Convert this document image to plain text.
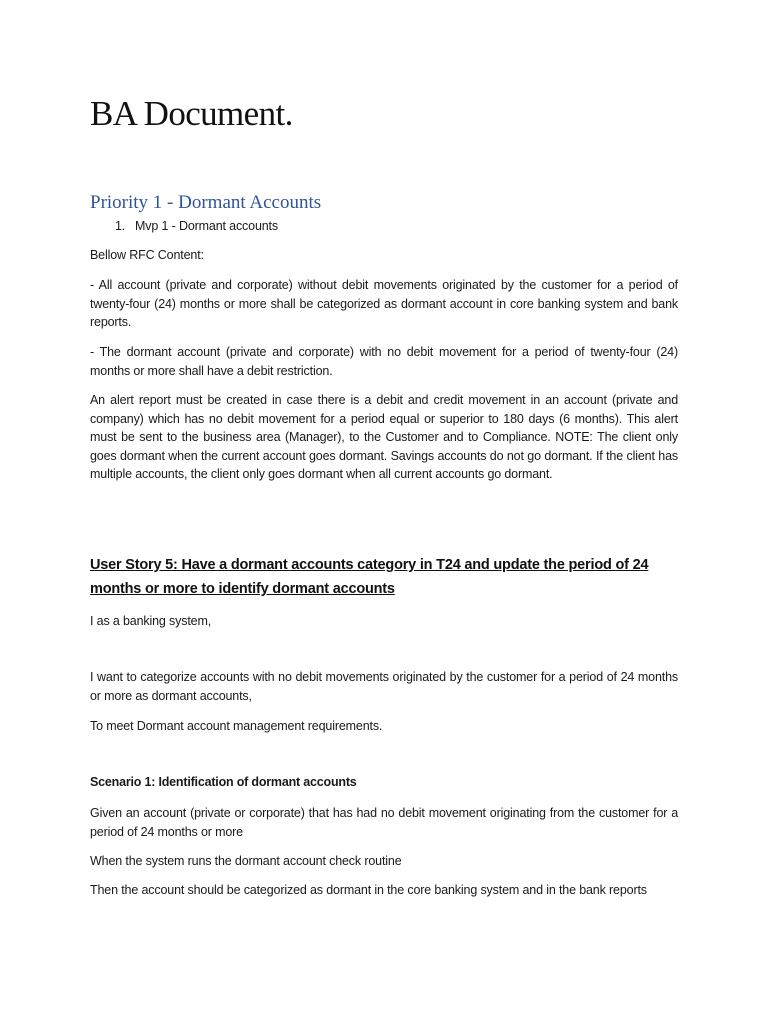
BA Document.
Priority 1 - Dormant Accounts
1. Mvp 1 - Dormant accounts

Bellow RFC Content:

- All account (private and corporate) without debit movements originated by the customer for a period of twenty-four (24) months or more shall be categorized as dormant account in core banking system and bank reports.

- The dormant account (private and corporate) with no debit movement for a period of twenty-four (24) months or more shall have a debit restriction.

An alert report must be created in case there is a debit and credit movement in an account (private and company) which has no debit movement for a period equal or superior to 180 days (6 months). This alert must be sent to the business area (Manager), to the Customer and to Compliance. NOTE: The client only goes dormant when the current account goes dormant. Savings accounts do not go dormant. If the client has multiple accounts, the client only goes dormant when all current accounts go dormant.

User Story 5: Have a dormant accounts category in T24 and update the period of 24 months or more to identify dormant accounts

I as a banking system,

I want to categorize accounts with no debit movements originated by the customer for a period of 24 months or more as dormant accounts,

To meet Dormant account management requirements.

Scenario 1: Identification of dormant accounts

Given an account (private or corporate) that has had no debit movement originating from the customer for a period of 24 months or more

When the system runs the dormant account check routine

Then the account should be categorized as dormant in the core banking system and in the bank reports
